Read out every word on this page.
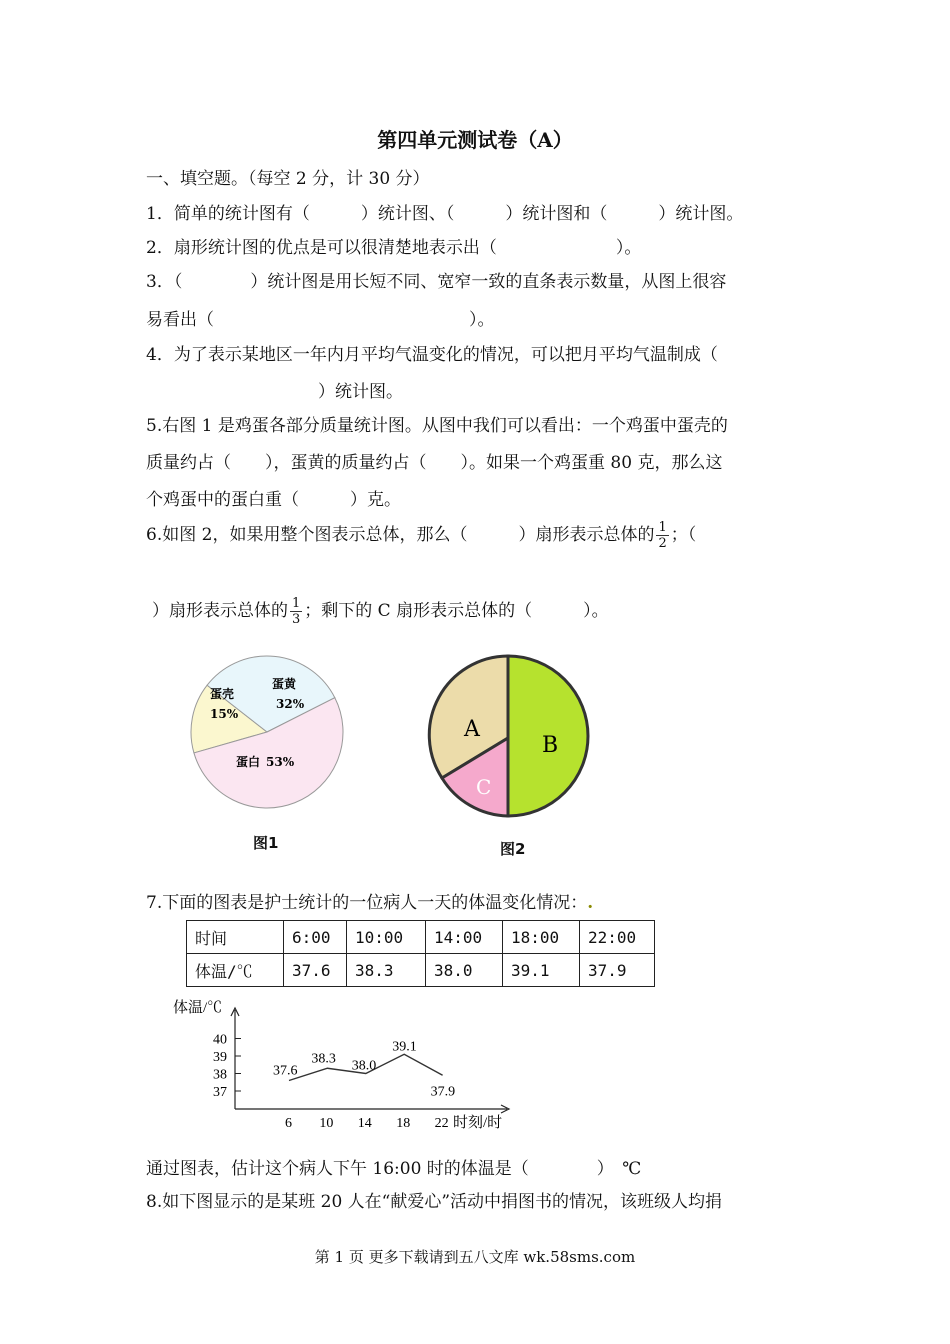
第四单元测试卷（A）
一、填空题。（每空 2 分，计 30 分）
1．简单的统计图有（　　　）统计图、（　　　）统计图和（　　　）统计图。
2．扇形统计图的优点是可以很清楚地表示出（　　　　　　　）。
3．（　　　　）统计图是用长短不同、宽窄一致的直条表示数量，从图上很容
易看出（　　　　　　　　　　　　　　　）。
4．为了表示某地区一年内月平均气温变化的情况，可以把月平均气温制成（
）统计图。
5.右图 1 是鸡蛋各部分质量统计图。从图中我们可以看出：一个鸡蛋中蛋壳的
质量约占（　　），蛋黄的质量约占（　　）。如果一个鸡蛋重 80 克，那么这
个鸡蛋中的蛋白重（　　　）克。
6.如图 2，如果用整个图表示总体，那么（　　　）扇形表示总体的 $\frac{1}{2}$ ；（
）扇形表示总体的 $\frac{1}{3}$ ；剩下的 C 扇形表示总体的（　　　）。
蛋壳
15%
蛋黄
32%
蛋白 53%
图1
A
B
C
图2
7.下面的图表是护士统计的一位病人一天的体温变化情况：.
时间	6:00	10:00	14:00	18:00	22:00
体温/℃	37.6	38.3	38.0	39.1	37.9
体温/℃
时刻/时
37
38
39
40
6 10 14 18 22
37.6
38.3 38.0
39.1
37.9
通过图表，估计这个病人下午 16:00 时的体温是（　　　　）　℃
8.如下图显示的是某班 20 人在“献爱心”活动中捐图书的情况，该班级人均捐
第 1 页 更多下载请到五八文库 wk.58sms.com
